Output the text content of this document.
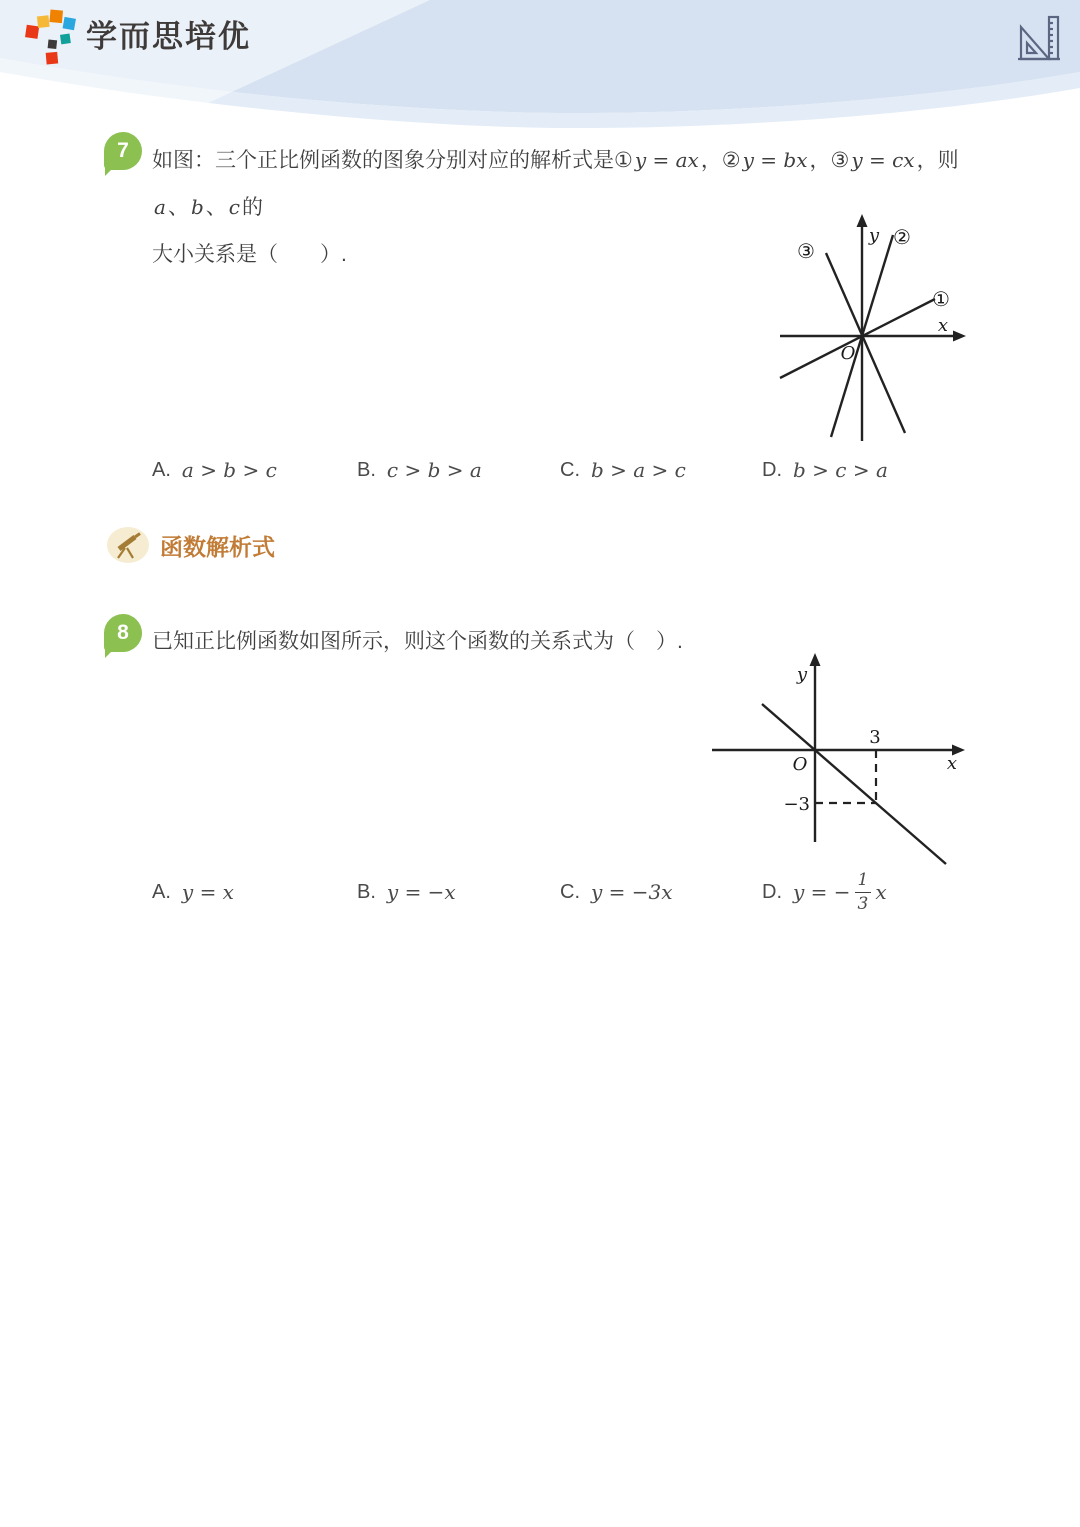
学而思培优
7	如图：三个正比例函数的图象分别对应的解析式是① y = ax，② y = bx，③ y = cx，则a、 b、 c的
大小关系是（　　）.
①
②
③
y
x
O
A. a > b > c	B. c > b > a	C. b > a > c	D. b > c > a
函数解析式
8	已知正比例函数如图所示，则这个函数的关系式为（　）.
3
−3
y
x
O
A. y = x	B. y = −x	C. y = −3x	D. y = − $\frac{1}{3}$ x
